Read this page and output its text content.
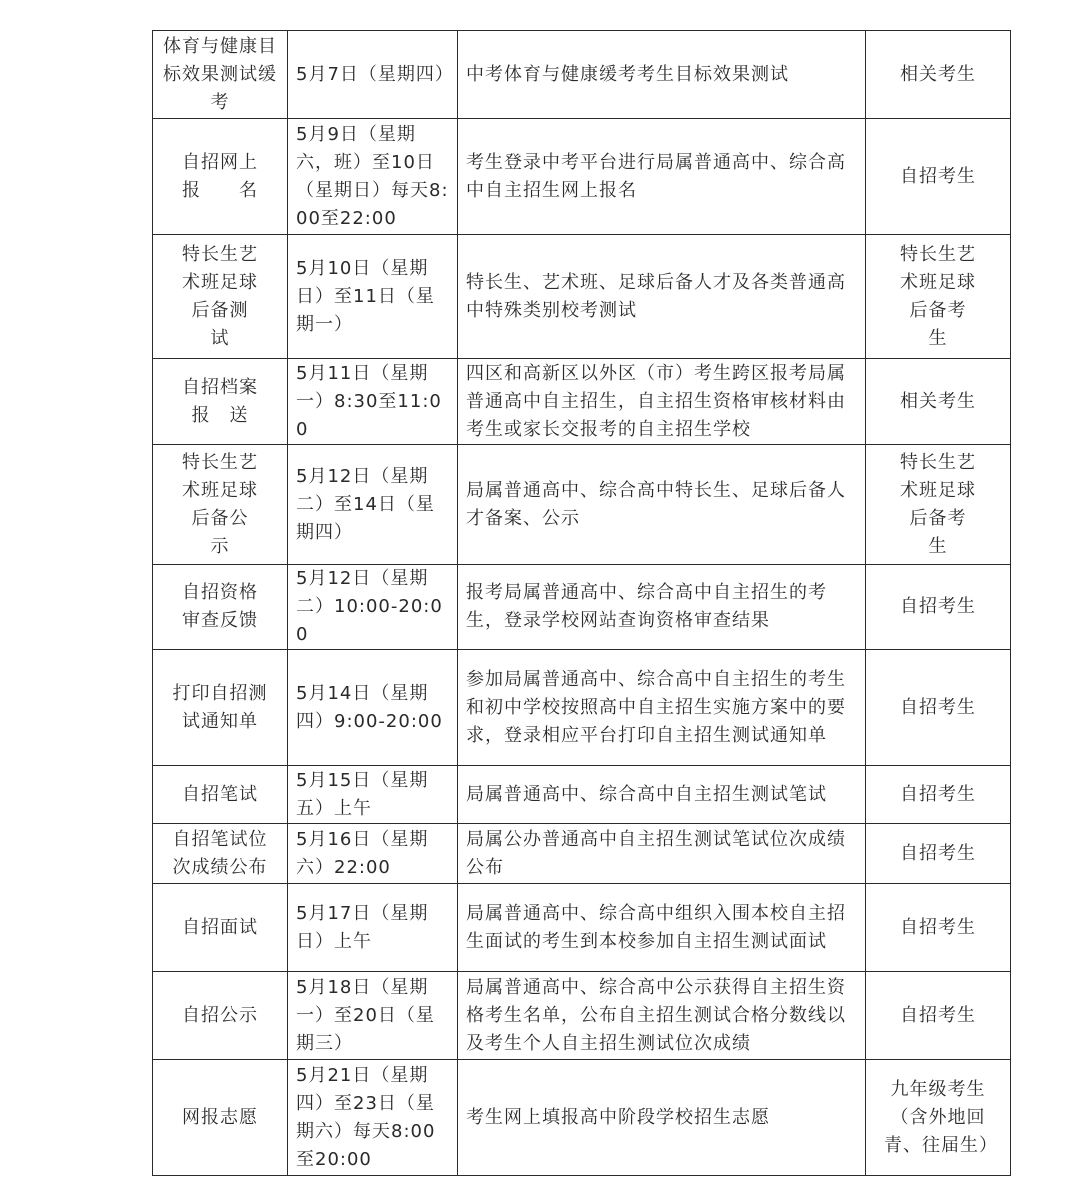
体育与健康目标效果测试缓考	5月7日（星期四）	中考体育与健康缓考考生目标效果测试	相关考生
自招网上报　　名	5月9日（星期六，班）至10日（星期日）每天8:00至22:00	考生登录中考平台进行局属普通高中、综合高中自主招生网上报名	自招考生
特长生艺术班足球后备测　试	5月10日（星期日）至11日（星期一）	特长生、艺术班、足球后备人才及各类普通高中特殊类别校考测试	特长生艺术班足球后备考　生
自招档案报　送	5月11日（星期一）8:30至11:00	四区和高新区以外区（市）考生跨区报考局属普通高中自主招生，自主招生资格审核材料由考生或家长交报考的自主招生学校	相关考生
特长生艺术班足球后备公　示	5月12日（星期二）至14日（星期四）	局属普通高中、综合高中特长生、足球后备人才备案、公示	特长生艺术班足球后备考　生
自招资格审查反馈	5月12日（星期二）10:00-20:00	报考局属普通高中、综合高中自主招生的考生，登录学校网站查询资格审查结果	自招考生
打印自招测试通知单	5月14日（星期四）9:00-20:00	参加局属普通高中、综合高中自主招生的考生和初中学校按照高中自主招生实施方案中的要求，登录相应平台打印自主招生测试通知单	自招考生
自招笔试	5月15日（星期五）上午	局属普通高中、综合高中自主招生测试笔试	自招考生
自招笔试位次成绩公布	5月16日（星期六）22:00	局属公办普通高中自主招生测试笔试位次成绩公布	自招考生
自招面试	5月17日（星期日）上午	局属普通高中、综合高中组织入围本校自主招生面试的考生到本校参加自主招生测试面试	自招考生
自招公示	5月18日（星期一）至20日（星期三）	局属普通高中、综合高中公示获得自主招生资格考生名单，公布自主招生测试合格分数线以及考生个人自主招生测试位次成绩	自招考生
网报志愿	5月21日（星期四）至23日（星期六）每天8:00至20:00	考生网上填报高中阶段学校招生志愿	九年级考生（含外地回青、往届生）
